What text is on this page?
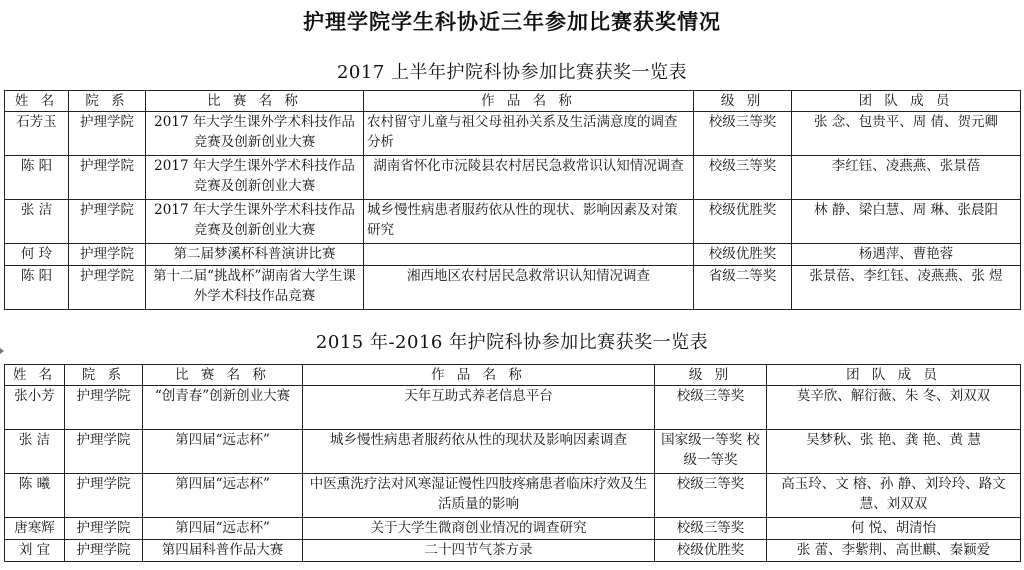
护理学院学生科协近三年参加比赛获奖情况
2017 上半年护院科协参加比赛获奖一览表
姓 名	院 系	比 赛 名 称	作 品 名 称	级 别	团 队 成 员
石芳玉	护理学院	2017 年大学生课外学术科技作品竞赛及创新创业大赛	农村留守儿童与祖父母祖孙关系及生活满意度的调查分析	校级三等奖	张 念、包贵平、周 倩、贺元卿
陈 阳	护理学院	2017 年大学生课外学术科技作品竞赛及创新创业大赛	湖南省怀化市沅陵县农村居民急救常识认知情况调查	校级三等奖	李红钰、凌燕燕、张景蓓
张 洁	护理学院	2017 年大学生课外学术科技作品竞赛及创新创业大赛	城乡慢性病患者服药依从性的现状、影响因素及对策研究	校级优胜奖	林 静、梁白慧、周 琳、张晨阳
何 玲	护理学院	第二届梦溪杯科普演讲比赛		校级优胜奖	杨遇萍、曹艳蓉
陈 阳	护理学院	第十二届“挑战杯”湖南省大学生课外学术科技作品竞赛	湘西地区农村居民急救常识认知情况调查	省级二等奖	张景蓓、李红钰、凌燕燕、张 煜
2015 年-2016 年护院科协参加比赛获奖一览表
姓 名	院 系	比 赛 名 称	作 品 名 称	级 别	团 队 成 员
张小芳	护理学院	“创青春”创新创业大赛	天年互助式养老信息平台	校级三等奖	莫辛欣、解衍薇、朱 冬、刘双双
张 洁	护理学院	第四届“远志杯”	城乡慢性病患者服药依从性的现状及影响因素调查	国家级一等奖 校级一等奖	吴梦秋、张 艳、龚 艳、黄 慧
陈 曦	护理学院	第四届“远志杯”	中医熏洗疗法对风寒湿证慢性四肢疼痛患者临床疗效及生活质量的影响	校级三等奖	高玉玲、文 榕、孙 静、刘玲玲、路文慧、刘双双
唐寒辉	护理学院	第四届“远志杯”	关于大学生微商创业情况的调查研究	校级三等奖	何 悦、胡清怡
刘 宜	护理学院	第四届科普作品大赛	二十四节气茶方录	校级优胜奖	张 蕾、李紫荆、高世麒、秦颖爱
